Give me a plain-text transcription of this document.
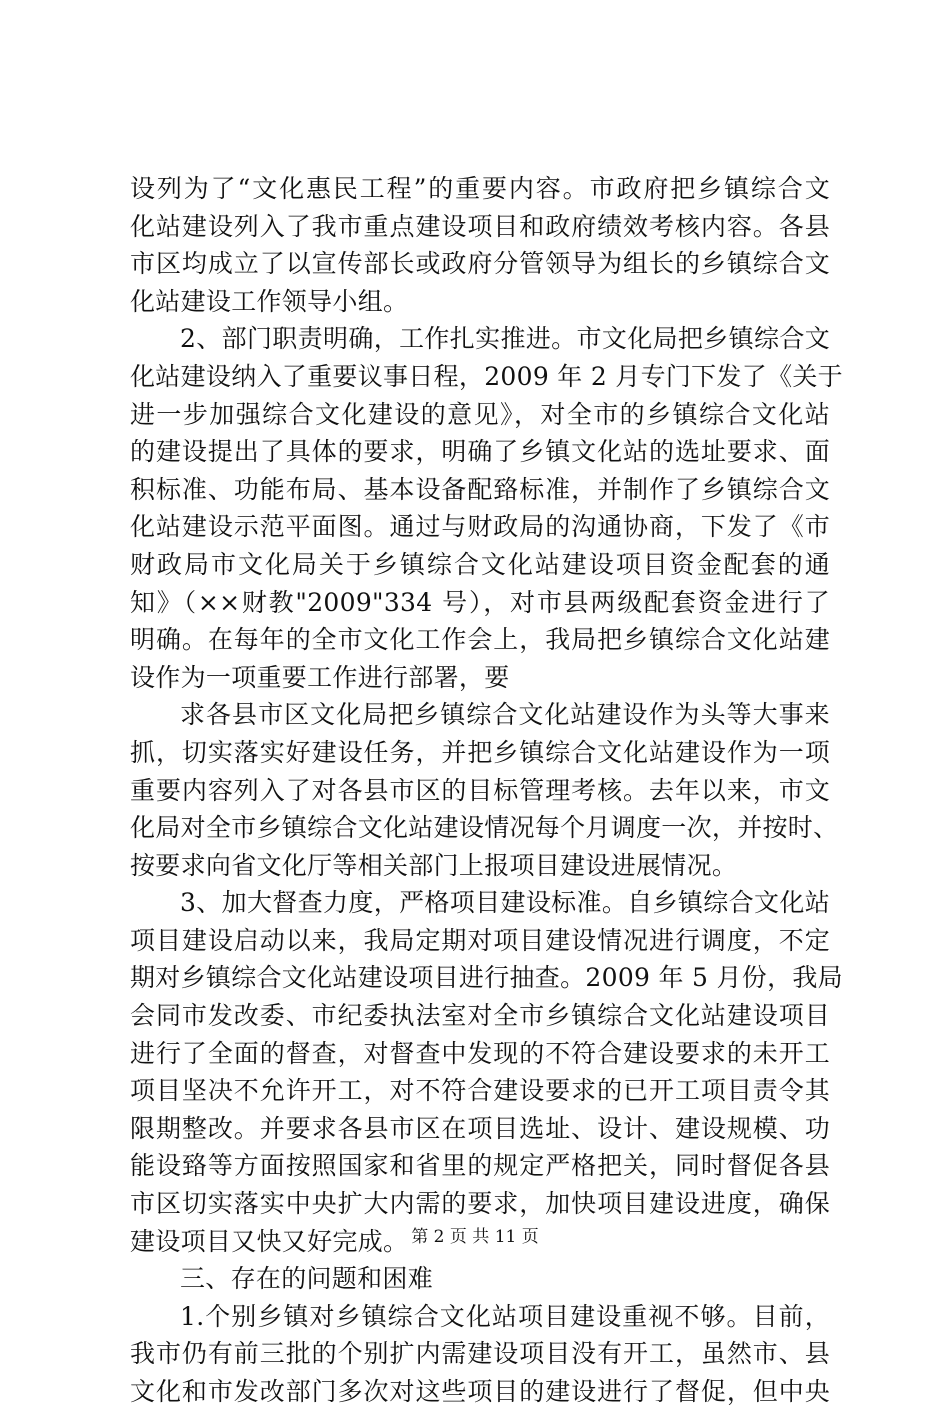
设列为了“文化惠民工程”的重要内容。市政府把乡镇综合文
化站建设列入了我市重点建设项目和政府绩效考核内容。各县
市区均成立了以宣传部长或政府分管领导为组长的乡镇综合文
化站建设工作领导小组。
2、部门职责明确，工作扎实推进。市文化局把乡镇综合文
化站建设纳入了重要议事日程，2009 年 2 月专门下发了《关于
进一步加强综合文化建设的意见》，对全市的乡镇综合文化站
的建设提出了具体的要求，明确了乡镇文化站的选址要求、面
积标准、功能布局、基本设备配臵标准，并制作了乡镇综合文
化站建设示范平面图。通过与财政局的沟通协商，下发了《市
财政局市文化局关于乡镇综合文化站建设项目资金配套的通
知》（××财教"2009"334 号），对市县两级配套资金进行了
明确。在每年的全市文化工作会上，我局把乡镇综合文化站建
设作为一项重要工作进行部署，要
求各县市区文化局把乡镇综合文化站建设作为头等大事来
抓，切实落实好建设任务，并把乡镇综合文化站建设作为一项
重要内容列入了对各县市区的目标管理考核。去年以来，市文
化局对全市乡镇综合文化站建设情况每个月调度一次，并按时、
按要求向省文化厅等相关部门上报项目建设进展情况。
3、加大督查力度，严格项目建设标准。自乡镇综合文化站
项目建设启动以来，我局定期对项目建设情况进行调度，不定
期对乡镇综合文化站建设项目进行抽查。2009 年 5 月份，我局
会同市发改委、市纪委执法室对全市乡镇综合文化站建设项目
进行了全面的督查，对督查中发现的不符合建设要求的未开工
项目坚决不允许开工，对不符合建设要求的已开工项目责令其
限期整改。并要求各县市区在项目选址、设计、建设规模、功
能设臵等方面按照国家和省里的规定严格把关，同时督促各县
市区切实落实中央扩大内需的要求，加快项目建设进度，确保
建设项目又快又好完成。
三、存在的问题和困难
1.个别乡镇对乡镇综合文化站项目建设重视不够。目前，
我市仍有前三批的个别扩内需建设项目没有开工，虽然市、县
文化和市发改部门多次对这些项目的建设进行了督促，但中央
第 2 页 共 11 页
